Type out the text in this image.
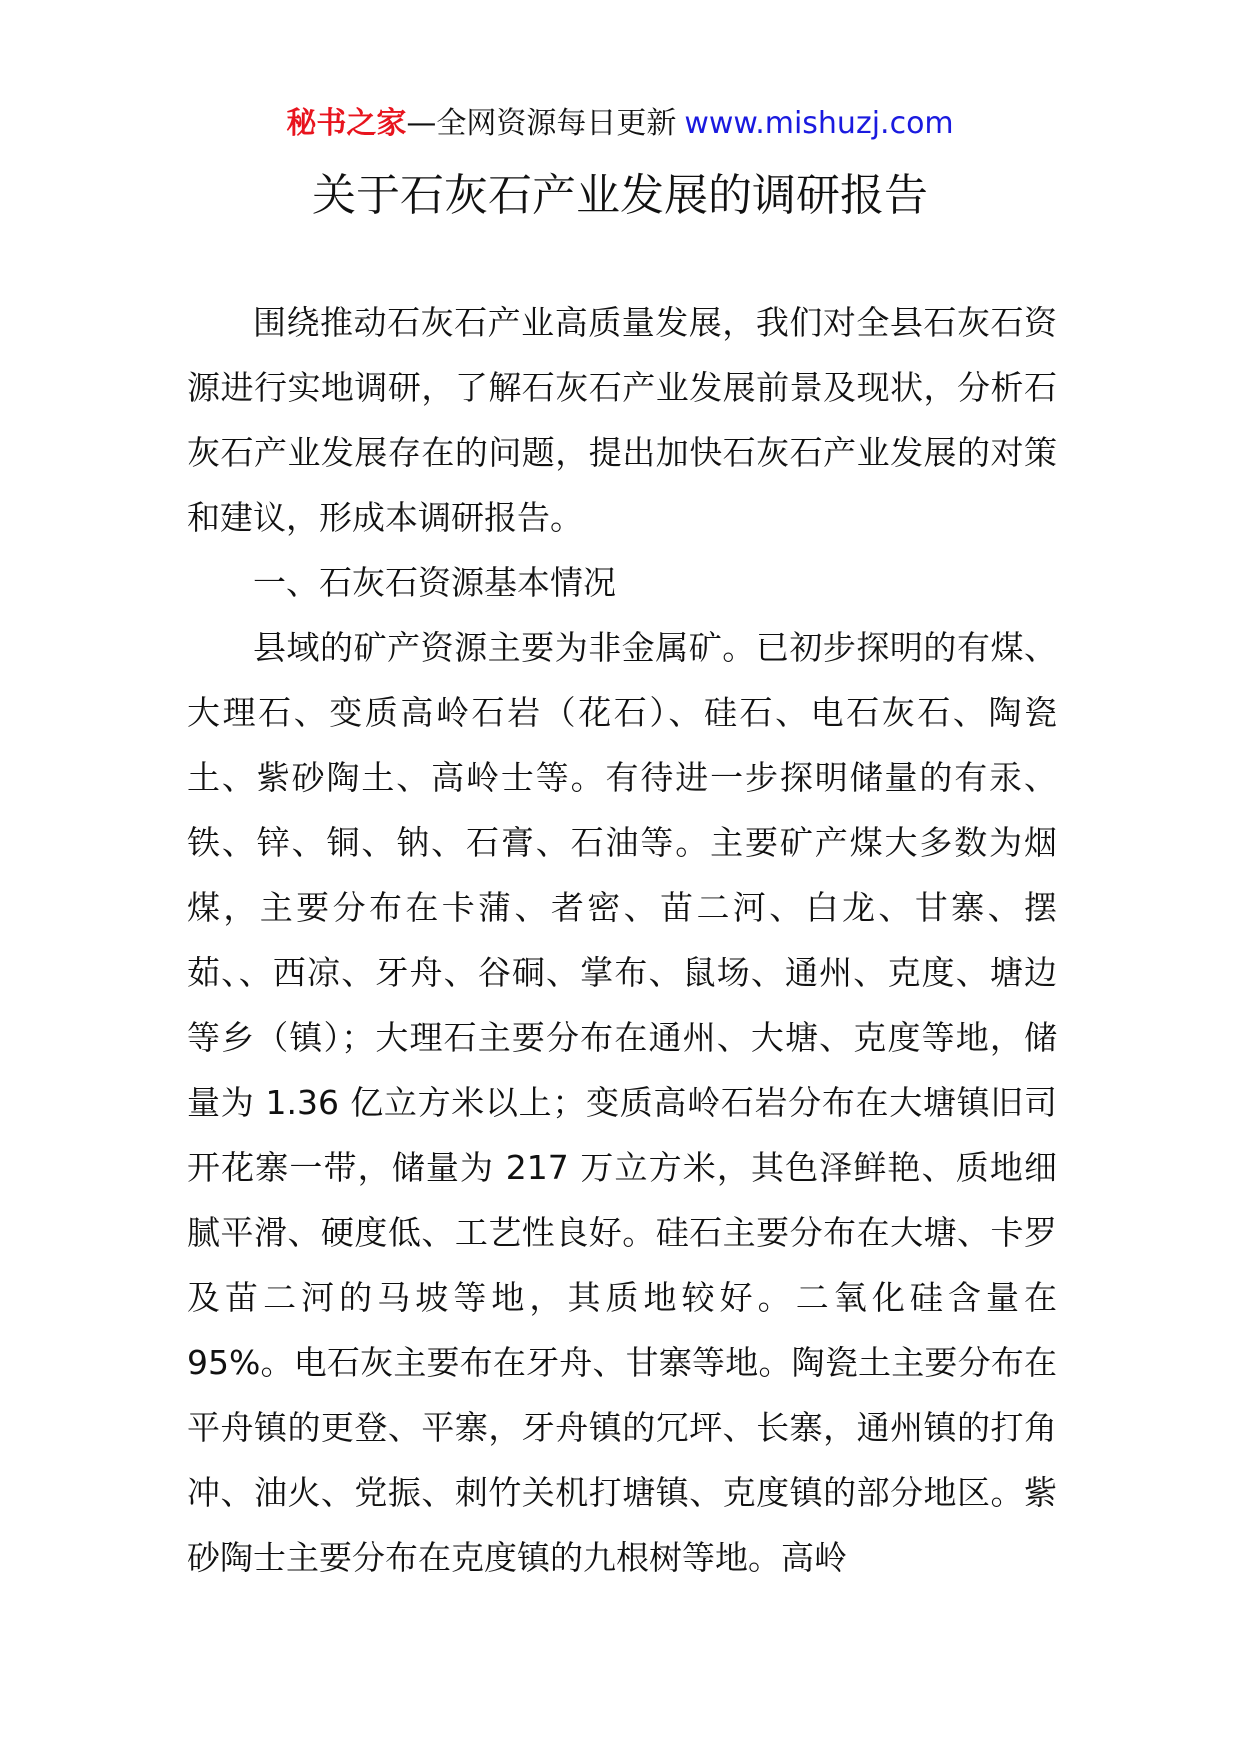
秘书之家—全网资源每日更新 www.mishuzj.com
关于石灰石产业发展的调研报告

围绕推动石灰石产业高质量发展，我们对全县石灰石资源进行实地调研，了解石灰石产业发展前景及现状，分析石灰石产业发展存在的问题，提出加快石灰石产业发展的对策和建议，形成本调研报告。

一、石灰石资源基本情况

县域的矿产资源主要为非金属矿。已初步探明的有煤、大理石、变质高岭石岩（花石）、硅石、电石灰石、陶瓷土、紫砂陶土、高岭士等。有待进一步探明储量的有汞、铁、锌、铜、钠、石膏、石油等。主要矿产煤大多数为烟煤，主要分布在卡蒲、者密、苗二河、白龙、甘寨、摆茹、、西凉、牙舟、谷硐、掌布、鼠场、通州、克度、塘边等乡（镇）；大理石主要分布在通州、大塘、克度等地，储量为 1.36 亿立方米以上；变质高岭石岩分布在大塘镇旧司开花寨一带，储量为 217 万立方米，其色泽鲜艳、质地细腻平滑、硬度低、工艺性良好。硅石主要分布在大塘、卡罗及苗二河的马坡等地，其质地较好。二氧化硅含量在 95%。电石灰主要布在牙舟、甘寨等地。陶瓷土主要分布在平舟镇的更登、平寨，牙舟镇的冗坪、长寨，通州镇的打角冲、油火、党振、刺竹关机打塘镇、克度镇的部分地区。紫砂陶士主要分布在克度镇的九根树等地。高岭
